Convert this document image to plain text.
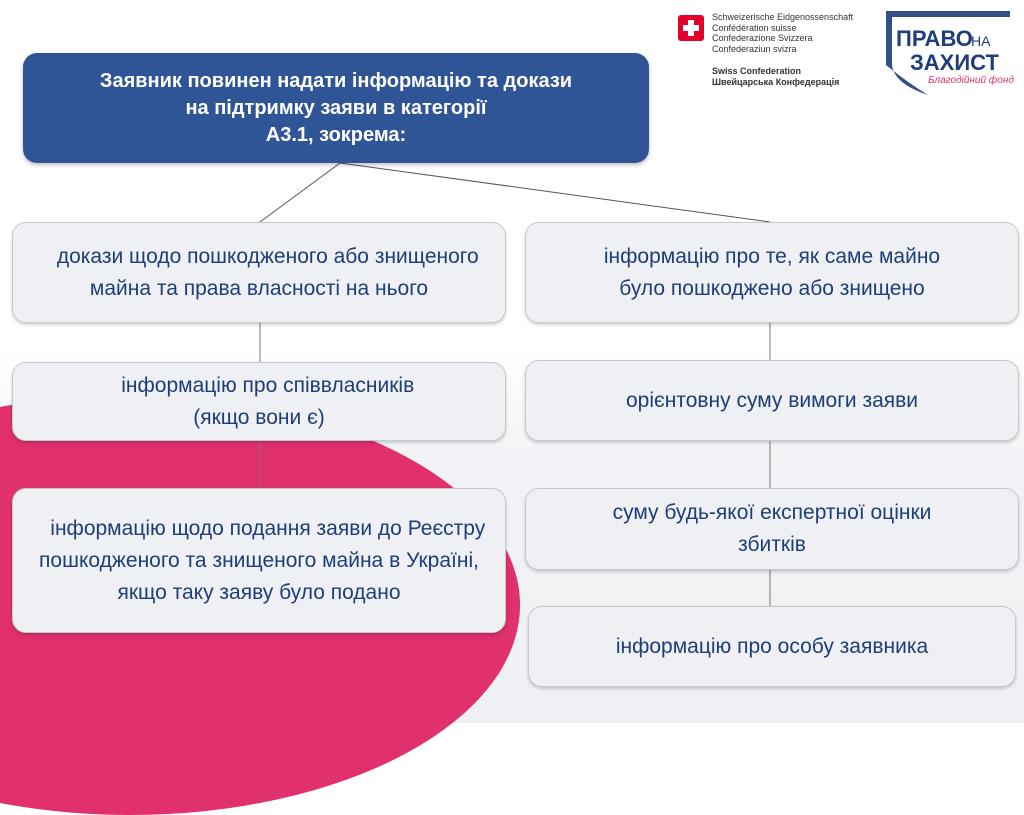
Заявник повинен надати інформацію та докази
на підтримку заяви в категорії
A3.1, зокрема:
докази щодо пошкодженого або знищеного майна та права власності на нього
інформацію про співвласників (якщо вони є)
інформацію щодо подання заяви до Реєстру пошкодженого та знищеного майна в Україні, якщо таку заяву було подано
інформацію про те, як саме майно було пошкоджено або знищено
орієнтовну суму вимоги заяви
суму будь-якої експертної оцінки збитків
інформацію про особу заявника
Schweizerische Eidgenossenschaft
Confédération suisse
Confederazione Svizzera
Confederaziun svizra
Swiss Confederation
Швейцарська Конфедерація
ПРАВО
НА
ЗАХИСТ
Благодійний фонд
